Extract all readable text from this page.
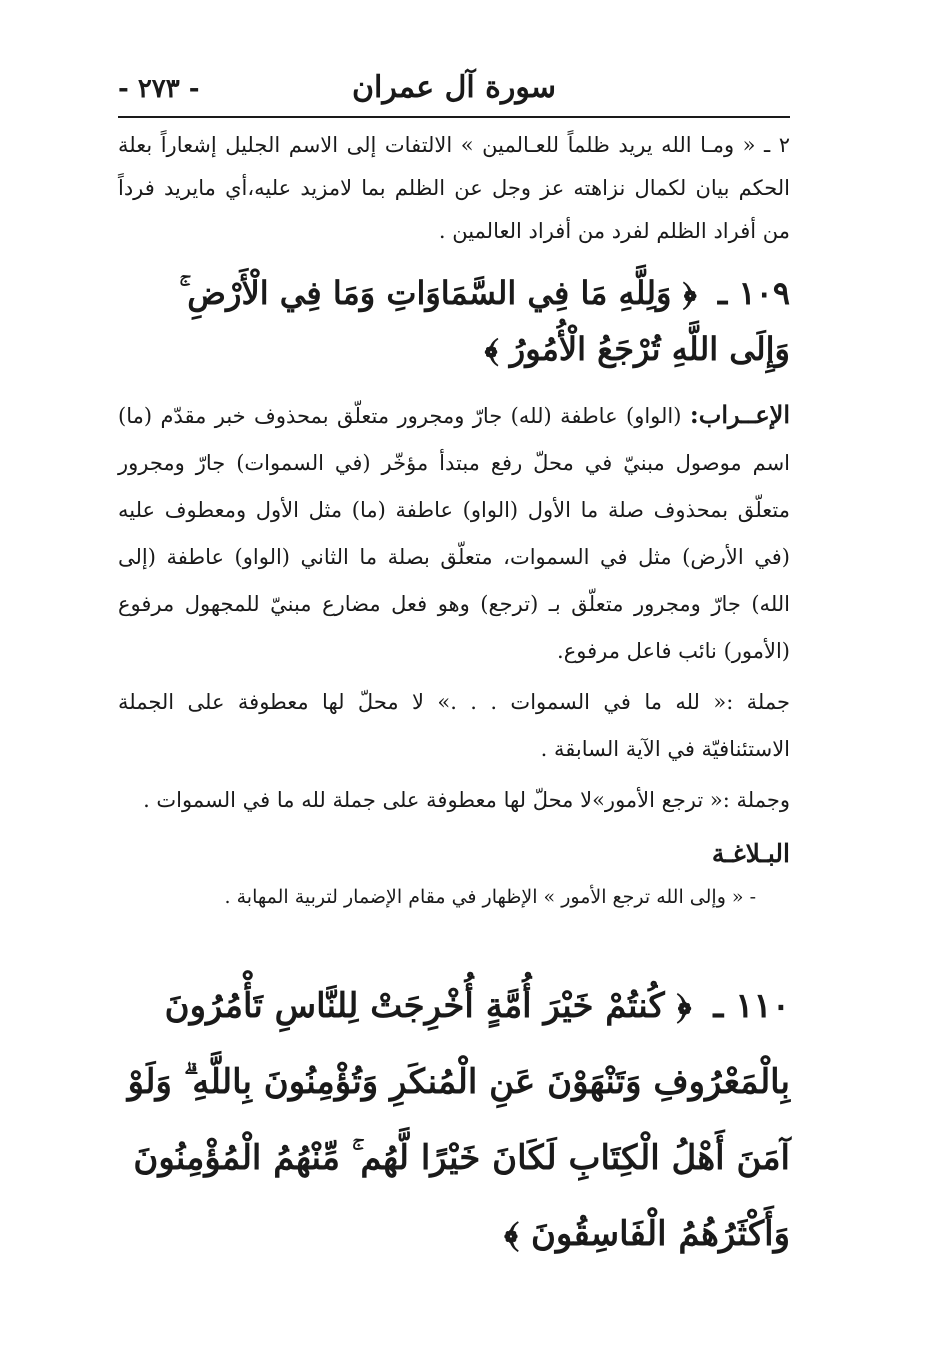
- ٢٧٣ -	سورة آل عمران

٢ ـ « ومـا الله يريد ظلماً للعـالمين » الالتفات إلى الاسم الجليل إشعاراً بعلة الحكم بيان لكمال نزاهته عز وجل عن الظلم بما لامزيد عليه،أي مايريد فرداً من أفراد الظلم لفرد من أفراد العالمين .

١٠٩ ـ ﴿ وَلِلَّهِ مَا فِي السَّمَاوَاتِ وَمَا فِي الْأَرْضِ ۚ وَإِلَى اللَّهِ تُرْجَعُ الْأُمُورُ ﴾

الإعــراب: (الواو) عاطفة (لله) جارّ ومجرور متعلّق بمحذوف خبر مقدّم (ما) اسم موصول مبنيّ في محلّ رفع مبتدأ مؤخّر (في السموات) جارّ ومجرور متعلّق بمحذوف صلة ما الأول (الواو) عاطفة (ما) مثل الأول ومعطوف عليه (في الأرض) مثل في السموات، متعلّق بصلة ما الثاني (الواو) عاطفة (إلى الله) جارّ ومجرور متعلّق بـ (ترجع) وهو فعل مضارع مبنيّ للمجهول مرفوع (الأمور) نائب فاعل مرفوع.

جملة :« لله ما في السموات . . .» لا محلّ لها معطوفة على الجملة الاستئنافيّة في الآية السابقة .

وجملة :« ترجع الأمور»لا محلّ لها معطوفة على جملة لله ما في السموات .

البـلاغـة

- « وإلى الله ترجع الأمور » الإظهار في مقام الإضمار لتربية المهابة .

١١٠ ـ ﴿ كُنتُمْ خَيْرَ أُمَّةٍ أُخْرِجَتْ لِلنَّاسِ تَأْمُرُونَ بِالْمَعْرُوفِ وَتَنْهَوْنَ عَنِ الْمُنكَرِ وَتُؤْمِنُونَ بِاللَّهِ ۗ وَلَوْ آمَنَ أَهْلُ الْكِتَابِ لَكَانَ خَيْرًا لَّهُم ۚ مِّنْهُمُ الْمُؤْمِنُونَ وَأَكْثَرُهُمُ الْفَاسِقُونَ ﴾
